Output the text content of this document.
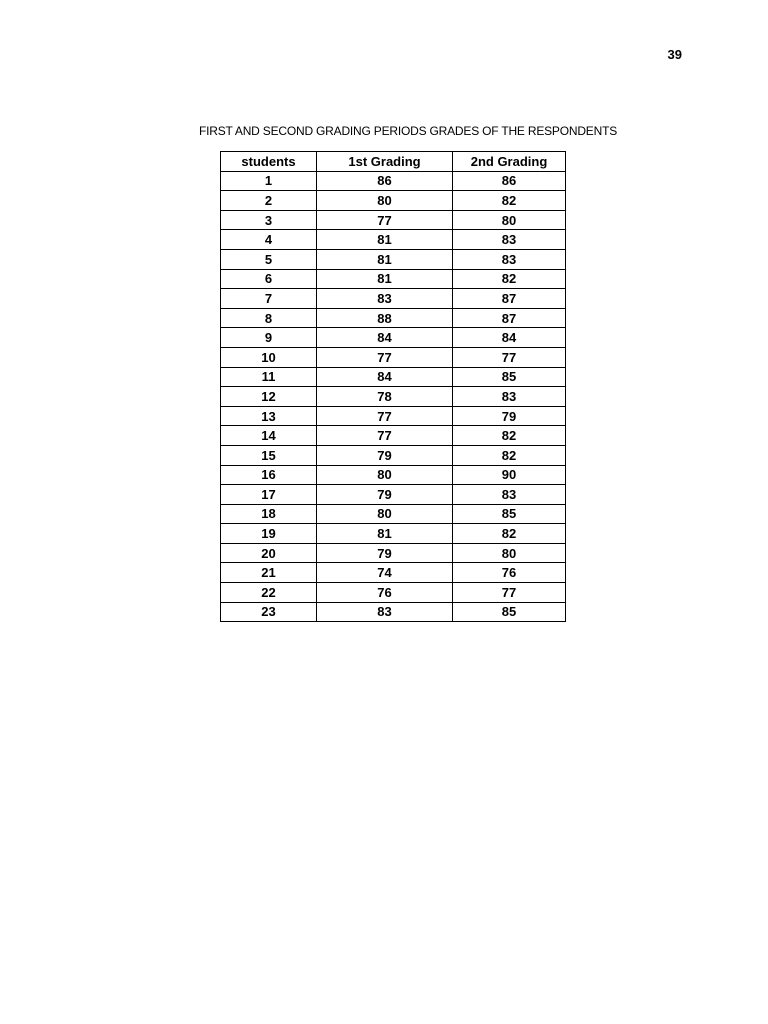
39
FIRST AND SECOND GRADING PERIODS GRADES OF THE RESPONDENTS
students	1st Grading	2nd Grading
1	86	86
2	80	82
3	77	80
4	81	83
5	81	83
6	81	82
7	83	87
8	88	87
9	84	84
10	77	77
11	84	85
12	78	83
13	77	79
14	77	82
15	79	82
16	80	90
17	79	83
18	80	85
19	81	82
20	79	80
21	74	76
22	76	77
23	83	85
